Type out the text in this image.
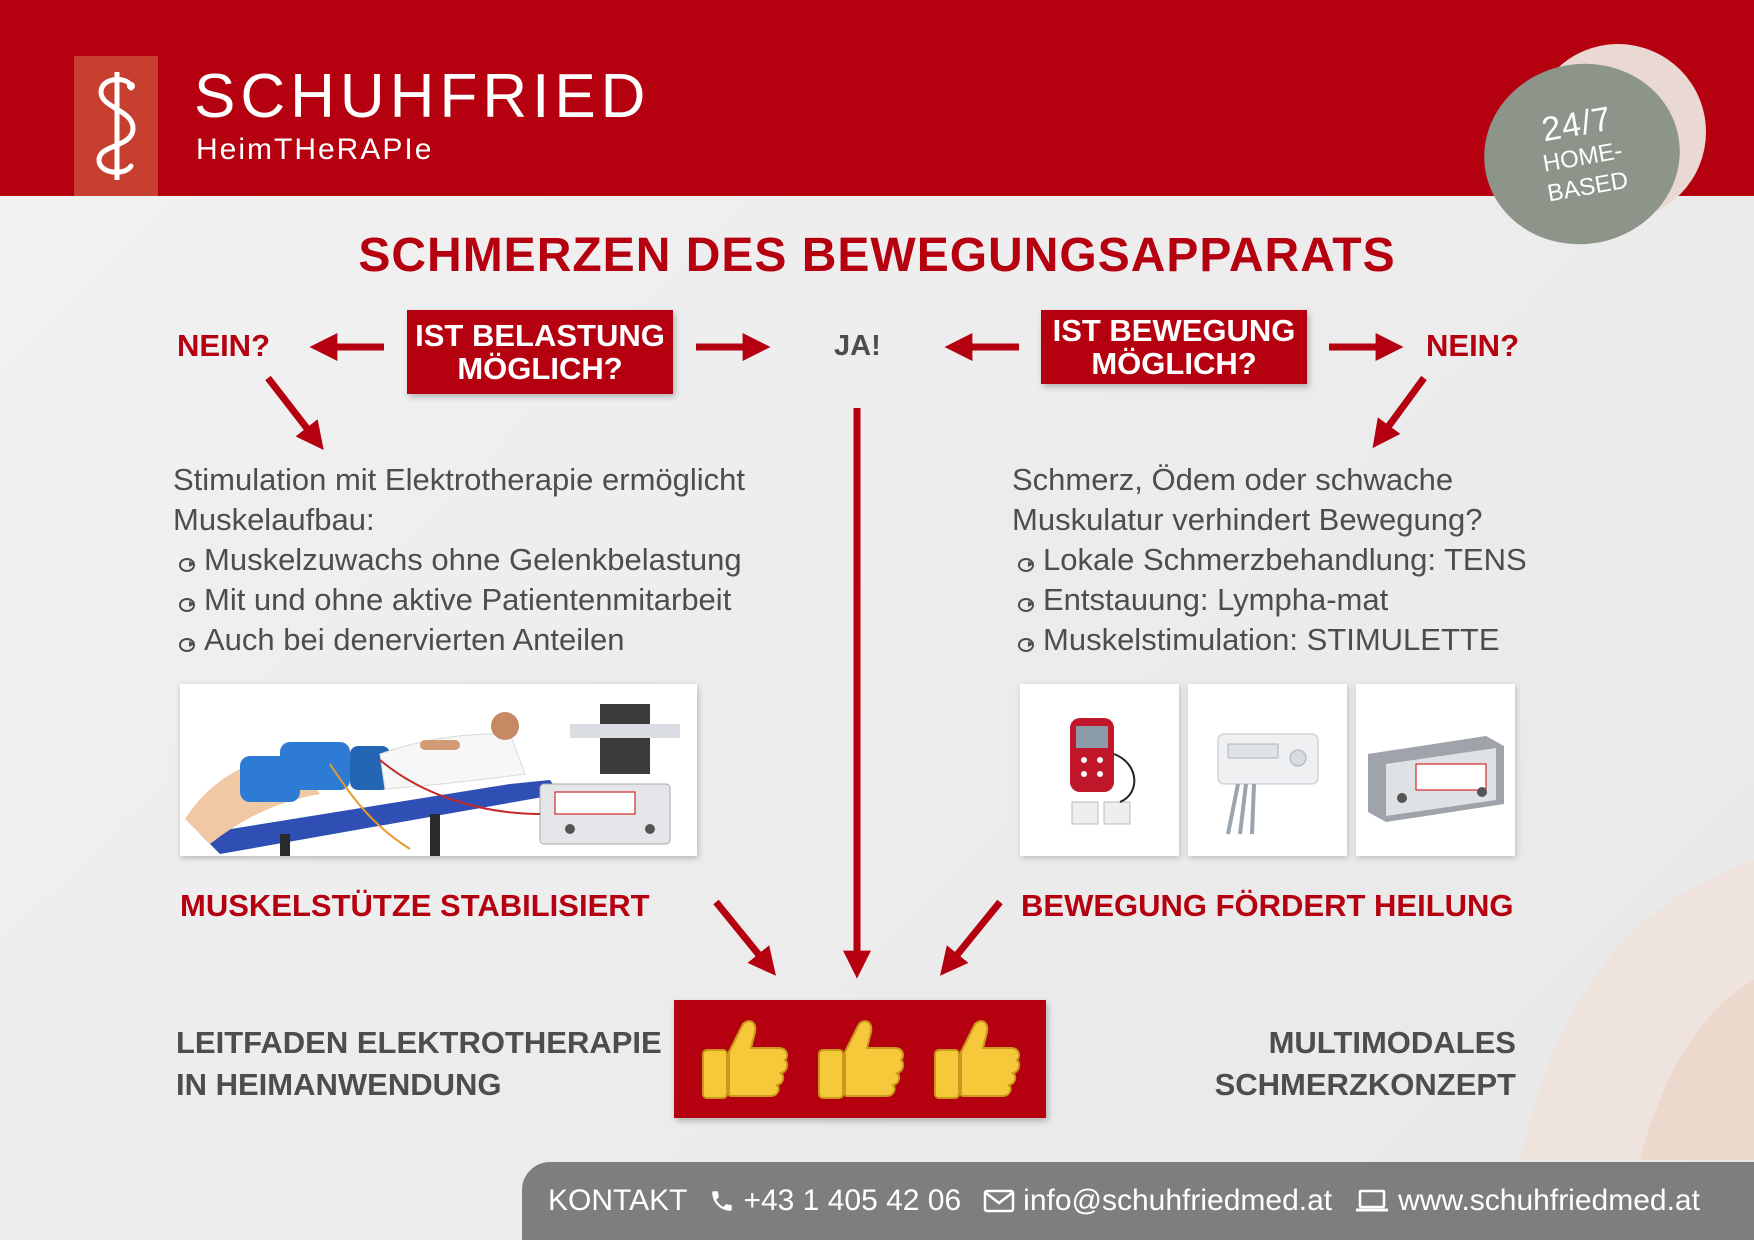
SCHUHFRIED
HeimTHeRAPIe
24/7
HOME-
BASED
SCHMERZEN DES BEWEGUNGSAPPARATS
IST BELASTUNG
MÖGLICH?
IST BEWEGUNG
MÖGLICH?
NEIN?	NEIN?
JA!
Stimulation mit Elektrotherapie ermöglicht
Muskelaufbau:
Muskelzuwachs ohne Gelenkbelastung
Mit und ohne aktive Patientenmitarbeit
Auch bei denervierten Anteilen
Schmerz, Ödem oder schwache
Muskulatur verhindert Bewegung?
Lokale Schmerzbehandlung: TENS
Entstauung: Lympha-mat
Muskelstimulation: STIMULETTE
MUSKELSTÜTZE STABILISIERT	BEWEGUNG FÖRDERT HEILUNG
LEITFADEN ELEKTROTHERAPIE
IN HEIMANWENDUNG
MULTIMODALES
SCHMERZKONZEPT
KONTAKT +43 1 405 42 06 info@schuhfriedmed.at www.schuhfriedmed.at
